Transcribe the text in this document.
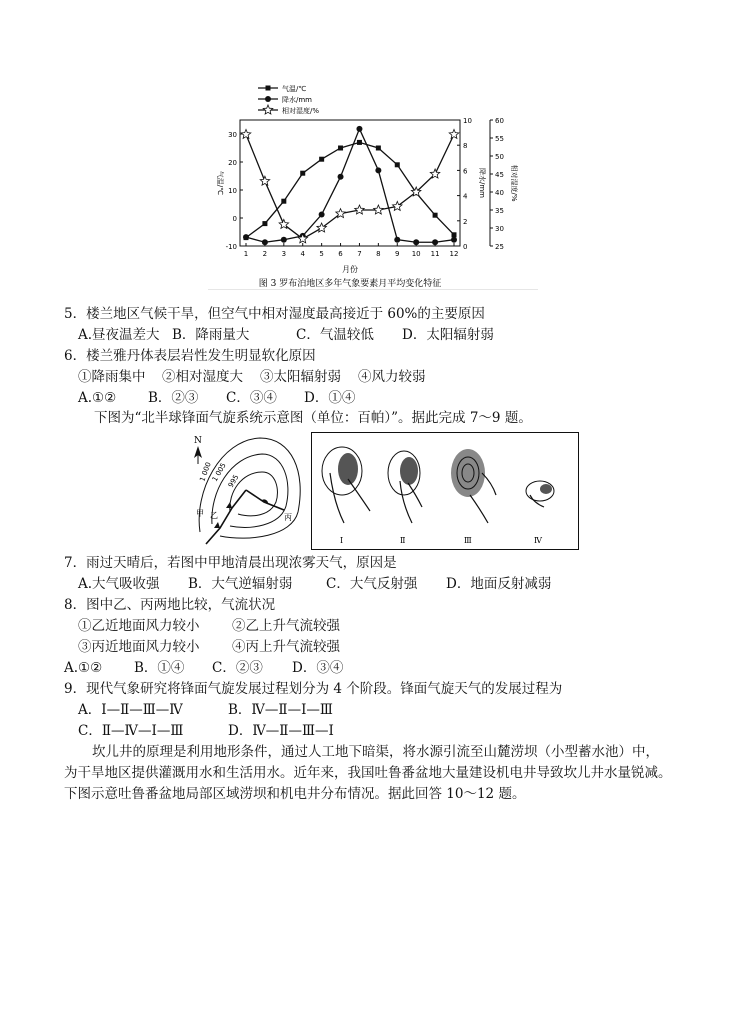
30
20
10
0
-10
10
8
6
4
2
0
60
55
50
45
40
35
30
25
气温/℃	降水/mm	相对湿度/%
1 2 3 4 5 6 7 8 9 10 11 12
气温/℃
降水/mm
相对湿度/%
月份
图 3 罗布泊地区多年气象要素月平均变化特征
5．楼兰地区气候干旱，但空气中相对湿度最高接近于 60%的主要原因
A.昼夜温差大 B．降雨量大	C．气温较低 D．太阳辐射弱
6．楼兰雅丹体表层岩性发生明显软化原因
①降雨集中 ②相对湿度大 ③太阳辐射弱 ④风力较弱
A.①② B．②③ C．③④ D．①④
下图为“北半球锋面气旋系统示意图（单位：百帕）”。据此完成 7～9 题。
N
1 000
1 005 995
甲 乙	丙
Ⅰ	Ⅱ	Ⅲ	Ⅳ
7．雨过天晴后，若图中甲地清晨出现浓雾天气，原因是
A.大气吸收强 B．大气逆辐射弱 C．大气反射强 D．地面反射减弱
8．图中乙、丙两地比较，气流状况
①乙近地面风力较小 ②乙上升气流较强
③丙近地面风力较小 ④丙上升气流较强
A.①② B．①④ C．②③ D．③④
9．现代气象研究将锋面气旋发展过程划分为 4 个阶段。锋面气旋天气的发展过程为
A．Ⅰ—Ⅱ—Ⅲ—Ⅳ	B．Ⅳ—Ⅱ—Ⅰ—Ⅲ
C．Ⅱ—Ⅳ—Ⅰ—Ⅲ	D．Ⅳ—Ⅱ—Ⅲ—Ⅰ
坎儿井的原理是利用地形条件，通过人工地下暗渠，将水源引流至山麓涝坝（小型蓄水池）中，为干旱地区提供灌溉用水和生活用水。近年来，我国吐鲁番盆地大量建设机电井导致坎儿井水量锐减。下图示意吐鲁番盆地局部区域涝坝和机电井分布情况。据此回答 10～12 题。
